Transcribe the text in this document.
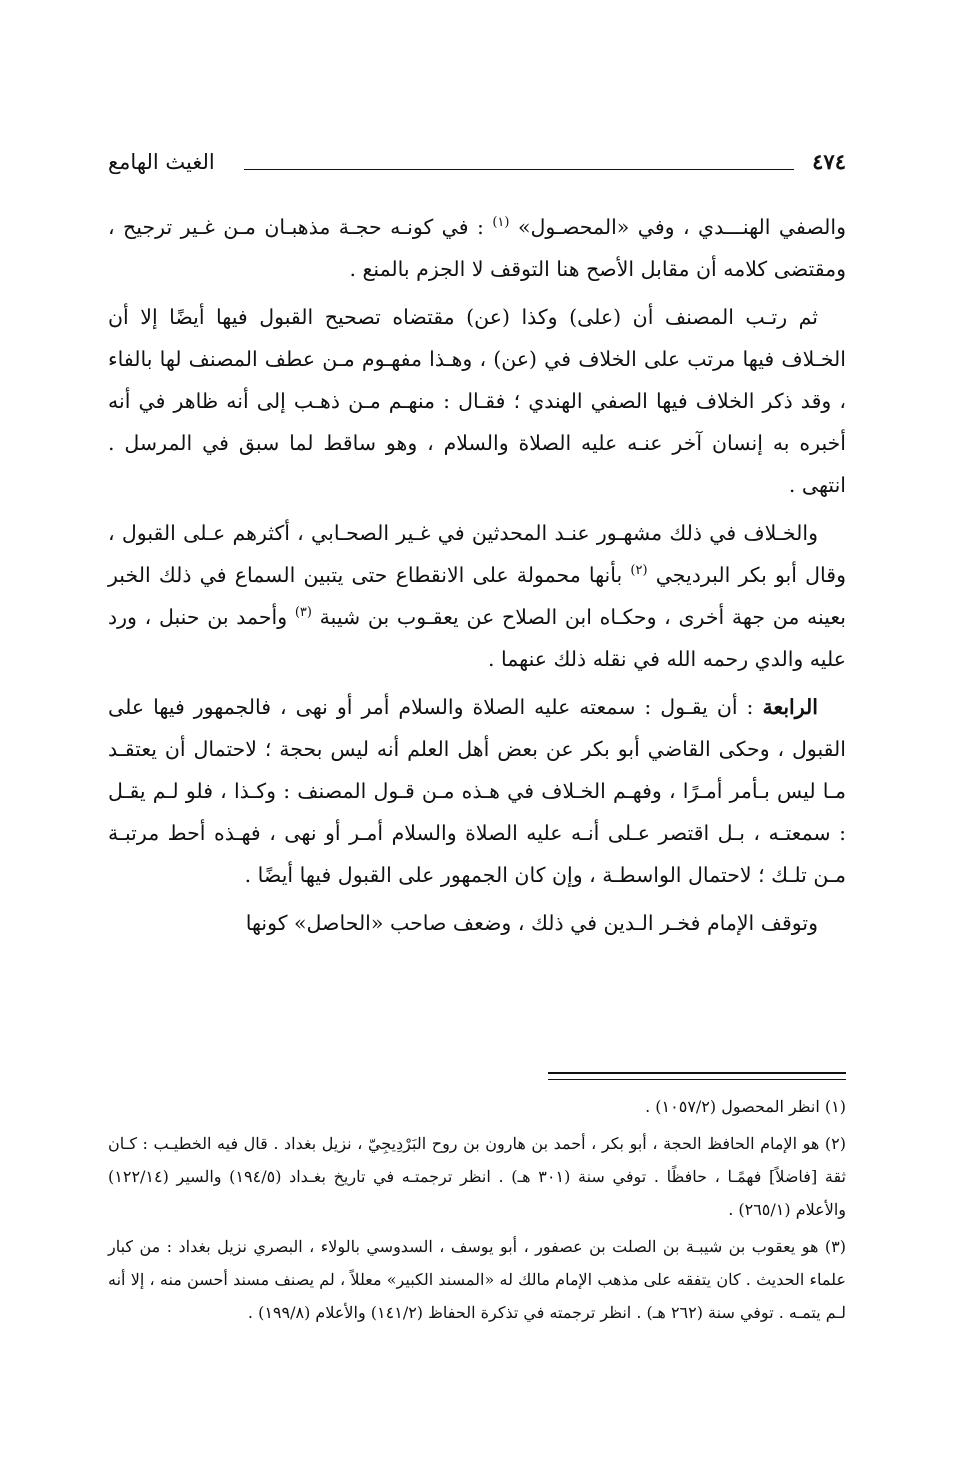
٤٧٤
الغيث الهامع

والصفي الهنـــدي ، وفي «المحصـول» $^{(١)}$ : في كونـه حجـة مذهبـان مـن غـير ترجيح ، ومقتضى كلامه أن مقابل الأصح هنا التوقف لا الجزم بالمنع .

ثم رتـب المصنف أن (على) وكذا (عن) مقتضاه تصحيح القبول فيها أيضًا إلا أن الخـلاف فيها مرتب على الخلاف في (عن) ، وهـذا مفهـوم مـن عطف المصنف لها بالفاء ، وقد ذكر الخلاف فيها الصفي الهندي ؛ فقـال : منهـم مـن ذهـب إلى أنه ظاهر في أنه أخبره به إنسان آخر عنـه عليه الصلاة والسلام ، وهو ساقط لما سبق في المرسل . انتهى .

والخـلاف في ذلك مشهـور عنـد المحدثين في غـير الصحـابي ، أكثرهم عـلى القبول ، وقال أبو بكر البرديجي $^{(٢)}$ بأنها محمولة على الانقطاع حتى يتبين السماع في ذلك الخبر بعينه من جهة أخرى ، وحكـاه ابن الصلاح عن يعقـوب بن شيبة $^{(٣)}$ وأحمد بن حنبل ، ورد عليه والدي رحمه الله في نقله ذلك عنهما .

الرابعة : أن يقـول : سمعته عليه الصلاة والسلام أمر أو نهى ، فالجمهور فيها على القبول ، وحكى القاضي أبو بكر عن بعض أهل العلم أنه ليس بحجة ؛ لاحتمال أن يعتقـد مـا ليس بـأمر أمـرًا ، وفهـم الخـلاف في هـذه مـن قـول المصنف : وكـذا ، فلو لـم يقـل : سمعتـه ، بـل اقتصر عـلى أنـه عليه الصلاة والسلام أمـر أو نهى ، فهـذه أحط مرتبـة مـن تلـك ؛ لاحتمال الواسطـة ، وإن كان الجمهور على القبول فيها أيضًا .

وتوقف الإمام فخـر الـدين في ذلك ، وضعف صاحب «الحاصل» كونها

(١) انظر المحصول (١٠٥٧/٢) .

(٢) هو الإمام الحافظ الحجة ، أبو بكر ، أحمد بن هارون بن روح البَرْدِيجِيّ ، نزيل بغداد . قال فيه الخطيـب : كـان ثقة [فاضلاً] فهمًـا ، حافظًا . توفي سنة (٣٠١ هـ) . انظر ترجمتـه في تاريخ بغـداد (١٩٤/٥) والسير (١٢٢/١٤) والأعلام (٢٦٥/١) .

(٣) هو يعقوب بن شيبـة بن الصلت بن عصفور ، أبو يوسف ، السدوسي بالولاء ، البصري نزيل بغداد : من كبار علماء الحديث . كان يتفقه على مذهب الإمام مالك له «المسند الكبير» معللاً ، لم يصنف مسند أحسن منه ، إلا أنه لـم يتمـه . توفي سنة (٢٦٢ هـ) . انظر ترجمته في تذكرة الحفاظ (١٤١/٢) والأعلام (١٩٩/٨) .
